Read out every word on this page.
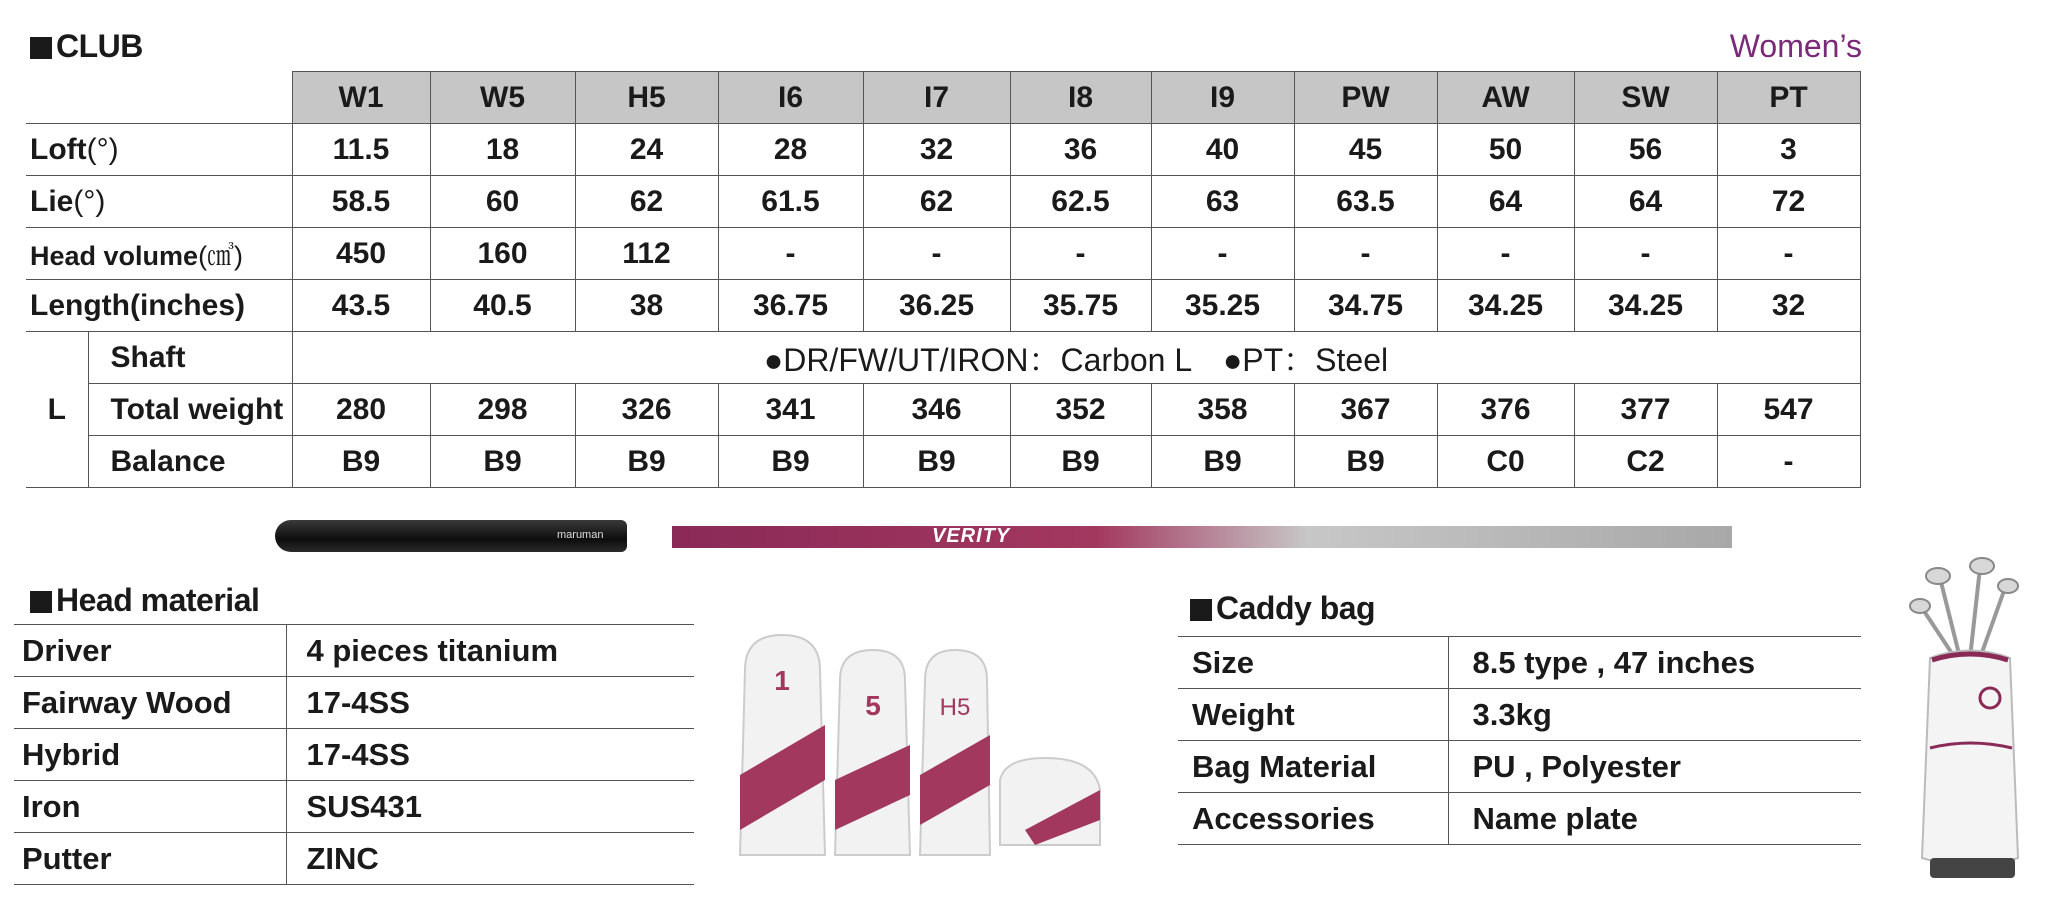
CLUB	Women’s
		W1	W5	H5	I6	I7	I8	I9	PW	AW	SW	PT
Loft(°)		11.5	18	24	28	32	36	40	45	50	56	3
Lie(°)		58.5	60	62	61.5	62	62.5	63	63.5	64	64	72
Head volume(㎤)		450	160	112	-	-	-	-	-	-	-	-
Length(inches)		43.5	40.5	38	36.75	36.25	35.75	35.25	34.75	34.25	34.25	32
L	Shaft	●DR/FW/UT/IRON：Carbon L　●PT：Steel										
	Total weight	280	298	326	341	346	352	358	367	376	377	547
	Balance	B9	B9	B9	B9	B9	B9	B9	B9	C0	C2	-
maruman	VERITY
Head material
Driver	4 pieces titanium
Fairway Wood	17-4SS
Hybrid	17-4SS
Iron	SUS431
Putter	ZINC
1
5 H5
Caddy bag
Size	8.5 type , 47 inches
Weight	3.3kg
Bag Material	PU , Polyester
Accessories	Name plate
